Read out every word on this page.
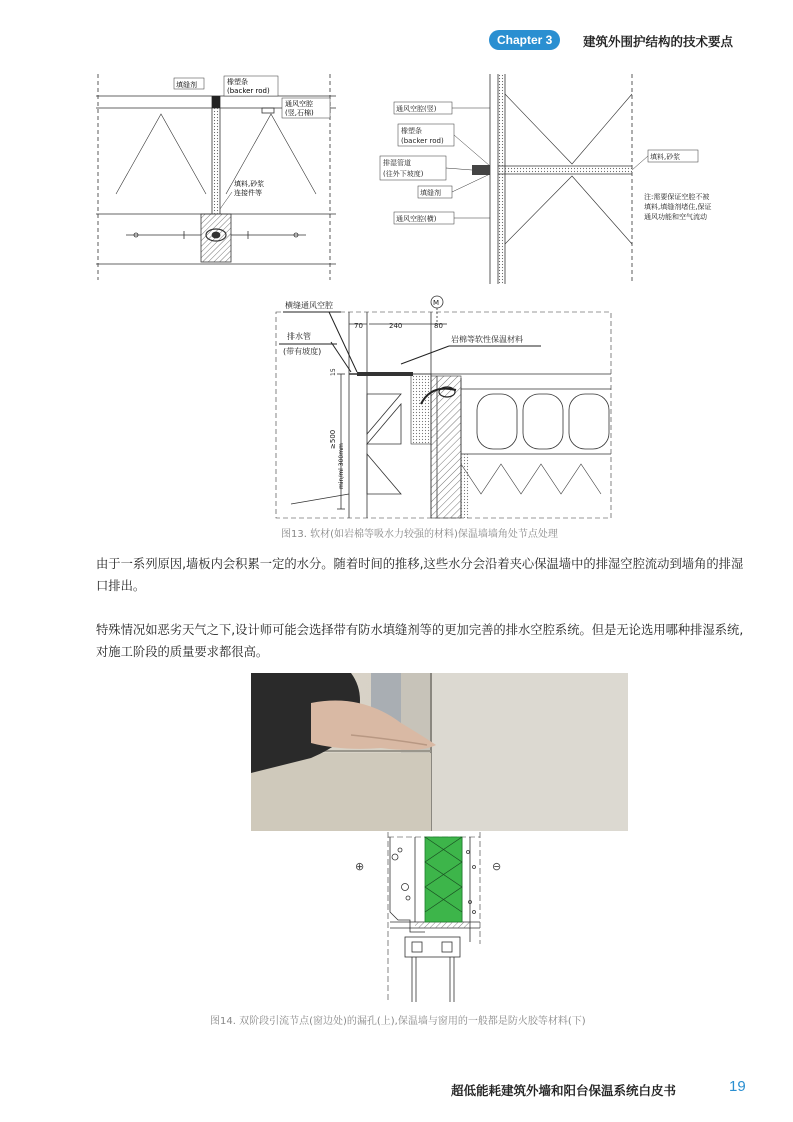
Chapter 3	建筑外围护结构的技术要点
填缝剂	橡塑条
(backer rod)
通风空腔
(竖,石棉)
填料,砂浆
连接件等
通风空腔(竖)
橡塑条
(backer rod)
排湿管道
(往外下坡度)
填缝剂
通风空腔(横)
填料,砂浆
注:需要保证空腔不被
填料,填缝剂堵住,保证
通风功能和空气流动
横缝通风空腔
排水管
(带有坡度)
岩棉等软性保温材料
70	240	80
M
15
≥500
min/ml 300mm
图13. 软材(如岩棉等吸水力较强的材料)保温墙墙角处节点处理
由于一系列原因,墙板内会积累一定的水分。随着时间的推移,这些水分会沿着夹心保温墙中的排湿空腔流动到墙角的排湿口排出。
特殊情况如恶劣天气之下,设计师可能会选择带有防水填缝剂等的更加完善的排水空腔系统。但是无论选用哪种排湿系统,对施工阶段的质量要求都很高。
⊕	⊖
图14. 双阶段引流节点(窗边处)的漏孔(上),保温墙与窗用的一般都是防火胶等材料(下)
超低能耗建筑外墙和阳台保温系统白皮书	19
